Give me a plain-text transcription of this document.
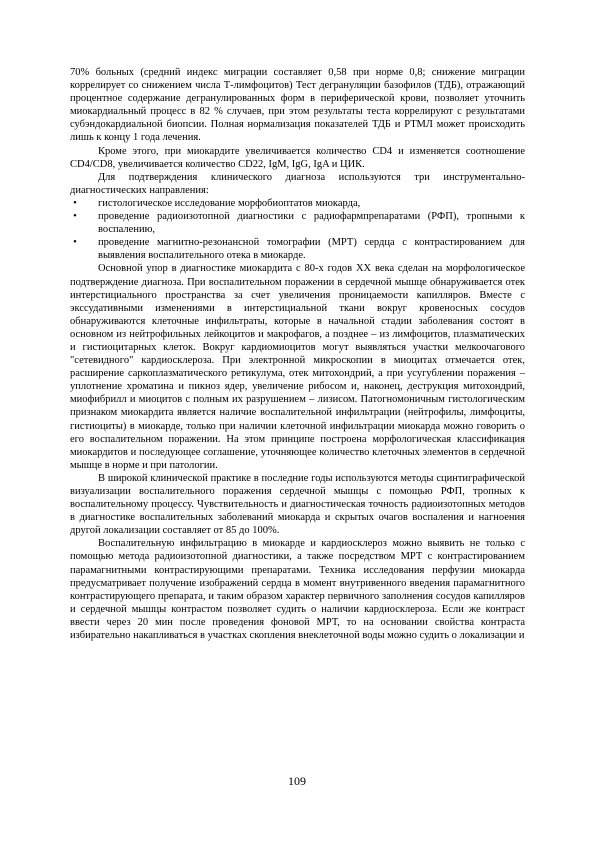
70% больных (средний индекс миграции составляет 0,58 при норме 0,8; снижение миграции коррелирует со снижением числа Т-лимфоцитов) Тест дегрануляции базофилов (ТДБ), отражающий процентное содержание дегранулированных форм в периферической крови, позволяет уточнить миокардиальный процесс в 82 % случаев, при этом результаты теста коррелируют с результатами субэндокардиальной биопсии. Полная нормализация показателей ТДБ и РТМЛ может происходить лишь к концу 1 года лечения.

Кроме этого, при миокардите увеличивается количество CD4 и изменяется соотношение CD4/CD8, увеличивается количество CD22, IgM, IgG, IgA и ЦИК.

Для подтверждения клинического диагноза используются три инструментально-диагностических направления:

•	гистологическое исследование морфобиоптатов миокарда,
•	проведение радиоизотопной диагностики с радиофармпрепаратами (РФП), тропными к воспалению,
•	проведение магнитно-резонансной томографии (МРТ) сердца с контрастированием для выявления воспалительного отека в миокарде.

Основной упор в диагностике миокардита с 80-х годов XX века сделан на морфологическое подтверждение диагноза. При воспалительном поражении в сердечной мышце обнаруживается отек интерстициального пространства за счет увеличения проницаемости капилляров. Вместе с экссудативными изменениями в интерстициальной ткани вокруг кровеносных сосудов обнаруживаются клеточные инфильтраты, которые в начальной стадии заболевания состоят в основном из нейтрофильных лейкоцитов и макрофагов, а позднее – из лимфоцитов, плазматических и гистиоцитарных клеток. Вокруг кардиомиоцитов могут выявляться участки мелкоочагового "сетевидного" кардиосклероза. При электронной микроскопии в миоцитах отмечается отек, расширение саркоплазматического ретикулума, отек митохондрий, а при усугублении поражения – уплотнение хроматина и пикноз ядер, увеличение рибосом и, наконец, деструкция митохондрий, миофибрилл и миоцитов с полным их разрушением – лизисом. Патогномоничным гистологическим признаком миокардита является наличие воспалительной инфильтрации (нейтрофилы, лимфоциты, гистиоциты) в миокарде, только при наличии клеточной инфильтрации миокарда можно говорить о его воспалительном поражении. На этом принципе построена морфологическая классификация миокардитов и последующее соглашение, уточняющее количество клеточных элементов в сердечной мышце в норме и при патологии.

В широкой клинической практике в последние годы используются методы сцинтиграфической визуализации воспалительного поражения сердечной мышцы с помощью РФП, тропных к воспалительному процессу. Чувствительность и диагностическая точность радиоизотопных методов в диагностике воспалительных заболеваний миокарда и скрытых очагов воспаления и нагноения другой локализации составляет от 85 до 100%.

Воспалительную инфильтрацию в миокарде и кардиосклероз можно выявить не только с помощью метода радиоизотопной диагностики, а также посредством МРТ с контрастированием парамагнитными контрастирующими препаратами. Техника исследования перфузии миокарда предусматривает получение изображений сердца в момент внутривенного введения парамагнитного контрастирующего препарата, и таким образом характер первичного заполнения сосудов капилляров и сердечной мышцы контрастом позволяет судить о наличии кардиосклероза. Если же контраст ввести через 20 мин после проведения фоновой МРТ, то на основании свойства контраста избирательно накапливаться в участках скопления внеклеточной воды можно судить о локализации и

109
